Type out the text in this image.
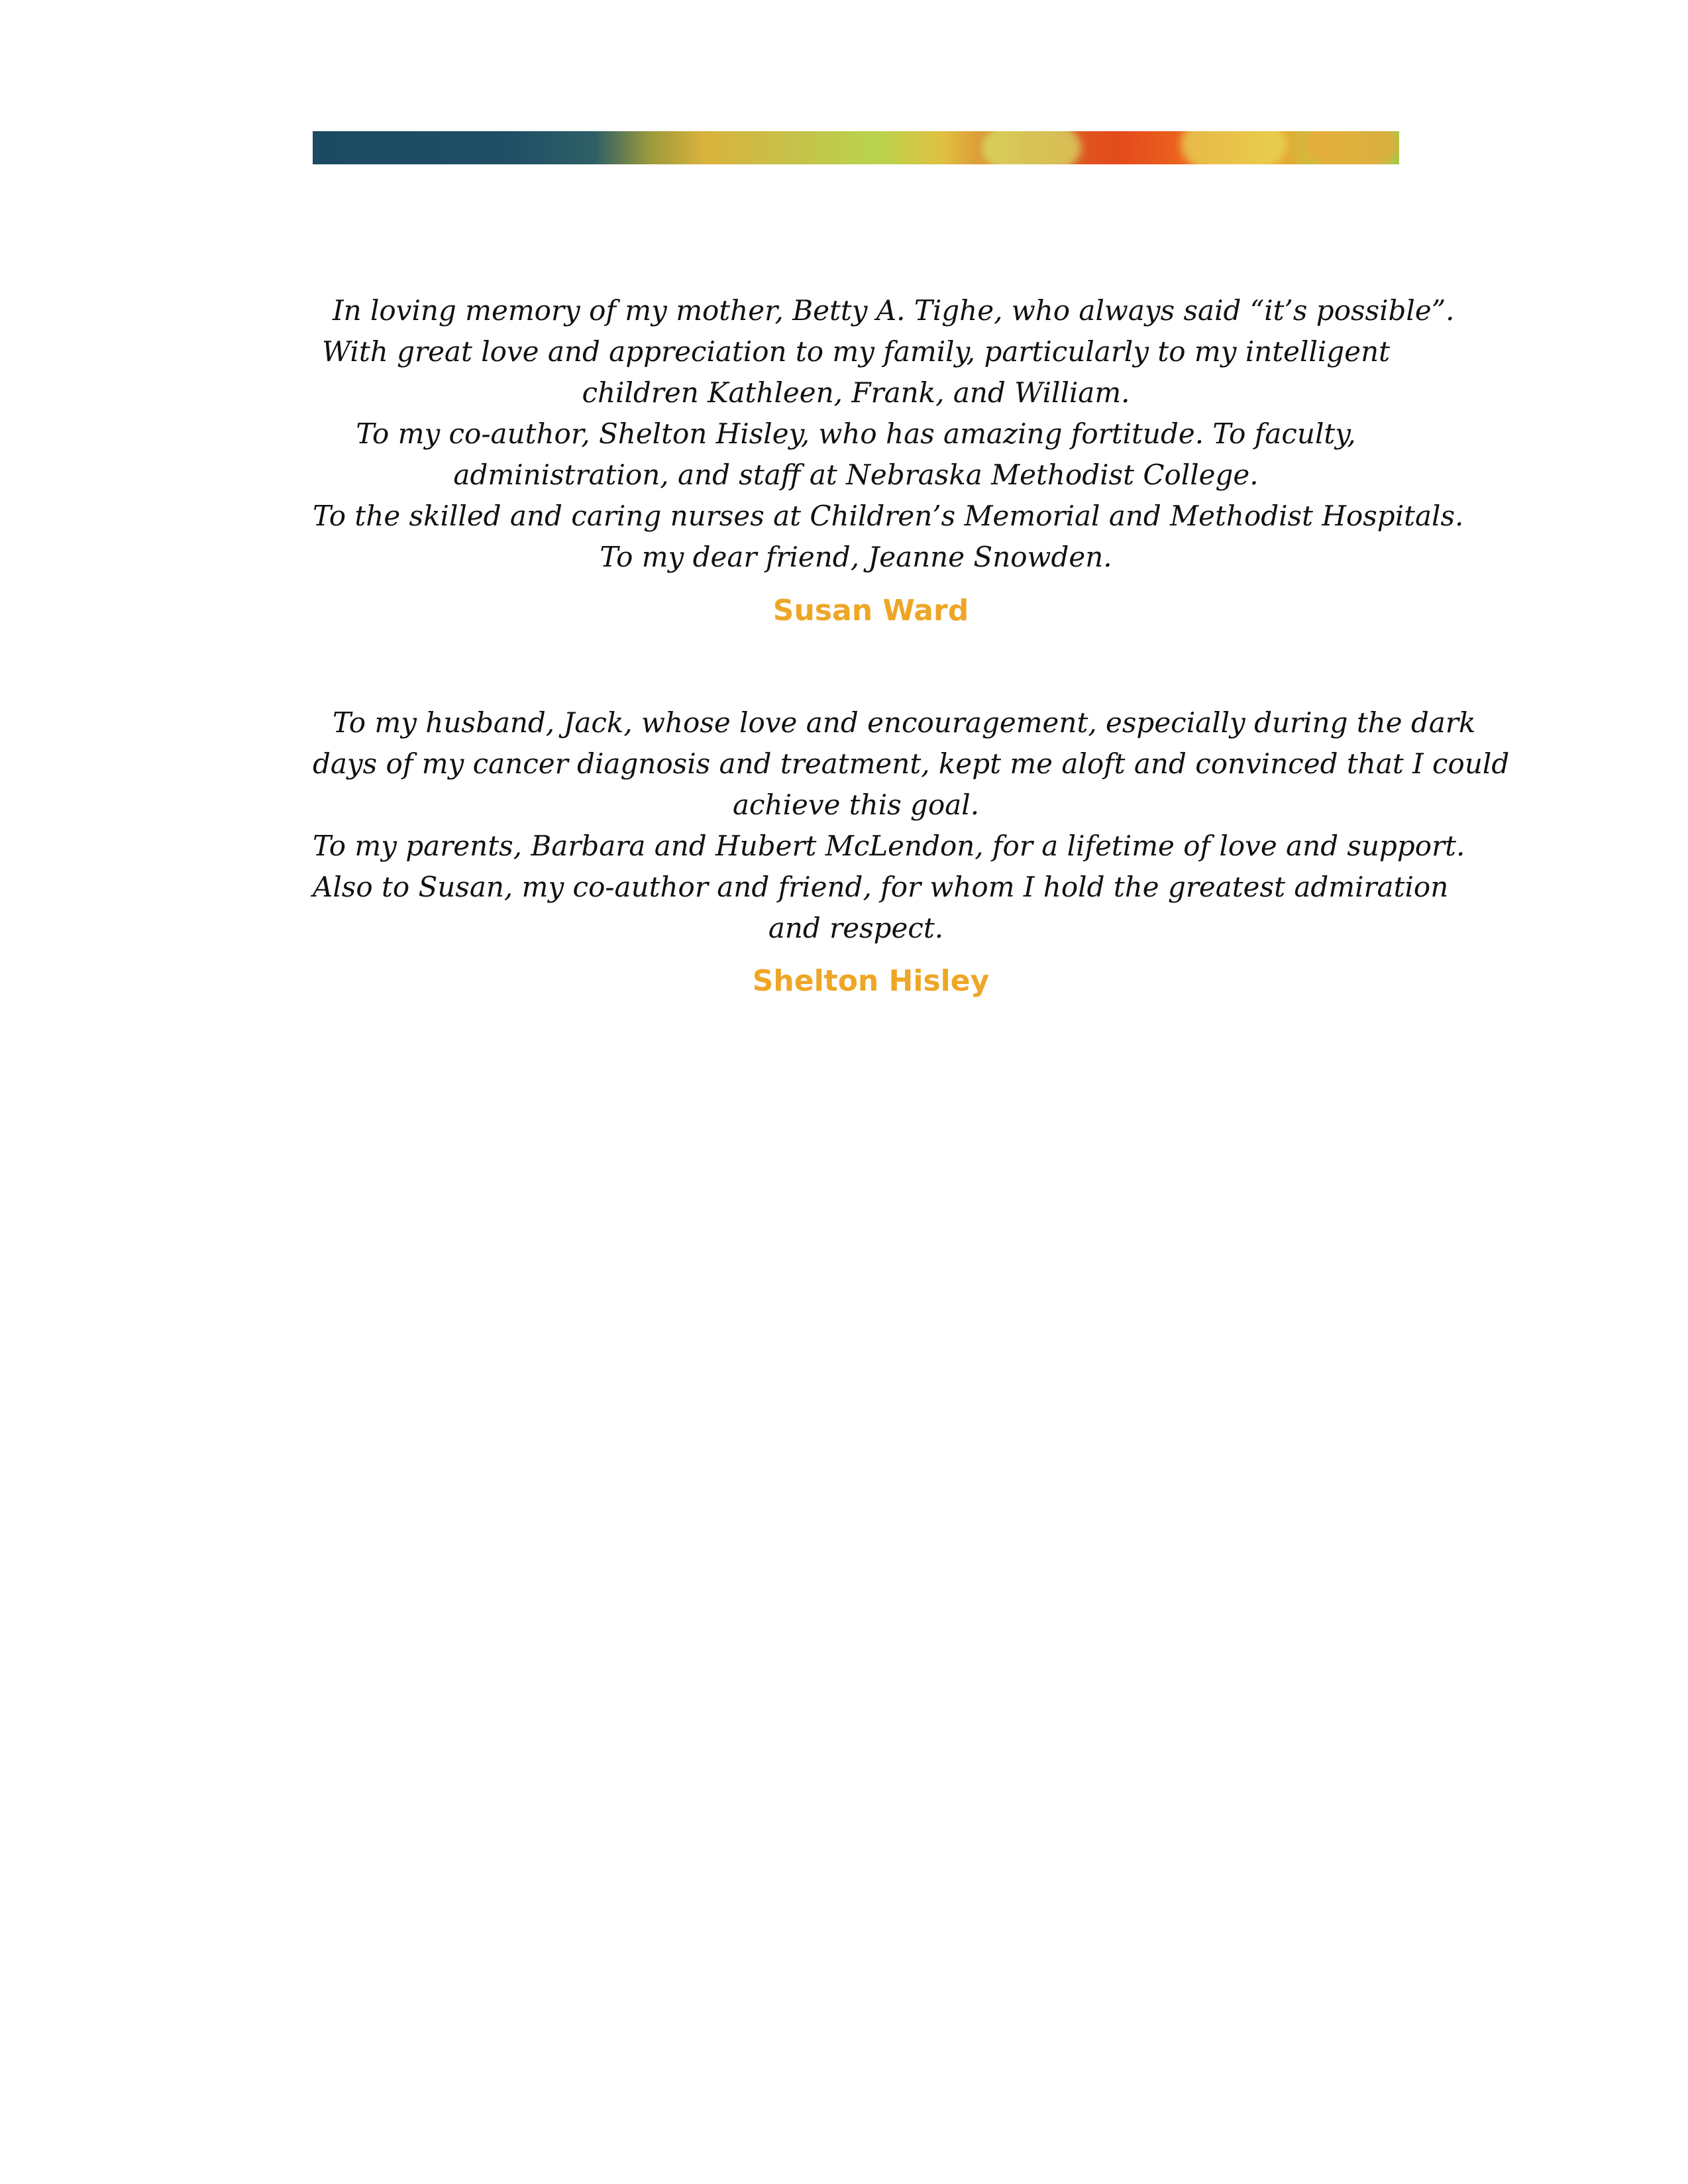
In loving memory of my mother, Betty A. Tighe, who always said “it’s possible”.
With great love and appreciation to my family, particularly to my intelligent
children Kathleen, Frank, and William.
To my co-author, Shelton Hisley, who has amazing fortitude. To faculty,
administration, and staff at Nebraska Methodist College.
To the skilled and caring nurses at Children’s Memorial and Methodist Hospitals.
To my dear friend, Jeanne Snowden.
Susan Ward
To my husband, Jack, whose love and encouragement, especially during the dark
days of my cancer diagnosis and treatment, kept me aloft and convinced that I could
achieve this goal.
To my parents, Barbara and Hubert McLendon, for a lifetime of love and support.
Also to Susan, my co-author and friend, for whom I hold the greatest admiration
and respect.
Shelton Hisley
